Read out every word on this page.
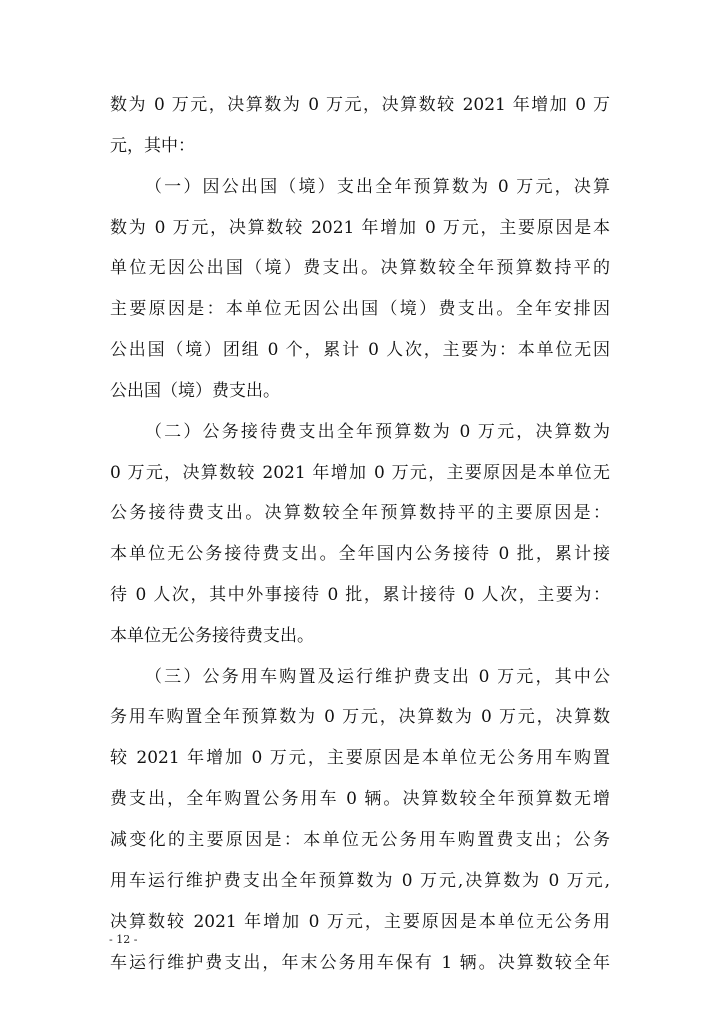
数为 0 万元，决算数为 0 万元，决算数较 2021 年增加 0 万
元，其中：
（一）因公出国（境）支出全年预算数为 0 万元，决算
数为 0 万元，决算数较 2021 年增加 0 万元，主要原因是本
单位无因公出国（境）费支出。决算数较全年预算数持平的
主要原因是：本单位无因公出国（境）费支出。全年安排因
公出国（境）团组 0 个，累计 0 人次，主要为：本单位无因
公出国（境）费支出。
（二）公务接待费支出全年预算数为 0 万元，决算数为
0 万元，决算数较 2021 年增加 0 万元，主要原因是本单位无
公务接待费支出。决算数较全年预算数持平的主要原因是：
本单位无公务接待费支出。全年国内公务接待 0 批，累计接
待 0 人次，其中外事接待 0 批，累计接待 0 人次，主要为：
本单位无公务接待费支出。
（三）公务用车购置及运行维护费支出 0 万元，其中公
务用车购置全年预算数为 0 万元，决算数为 0 万元，决算数
较 2021 年增加 0 万元，主要原因是本单位无公务用车购置
费支出，全年购置公务用车 0 辆。决算数较全年预算数无增
减变化的主要原因是：本单位无公务用车购置费支出；公务
用车运行维护费支出全年预算数为 0 万元,决算数为 0 万元,
决算数较 2021 年增加 0 万元，主要原因是本单位无公务用
车运行维护费支出，年末公务用车保有 1 辆。决算数较全年
- 12 -
